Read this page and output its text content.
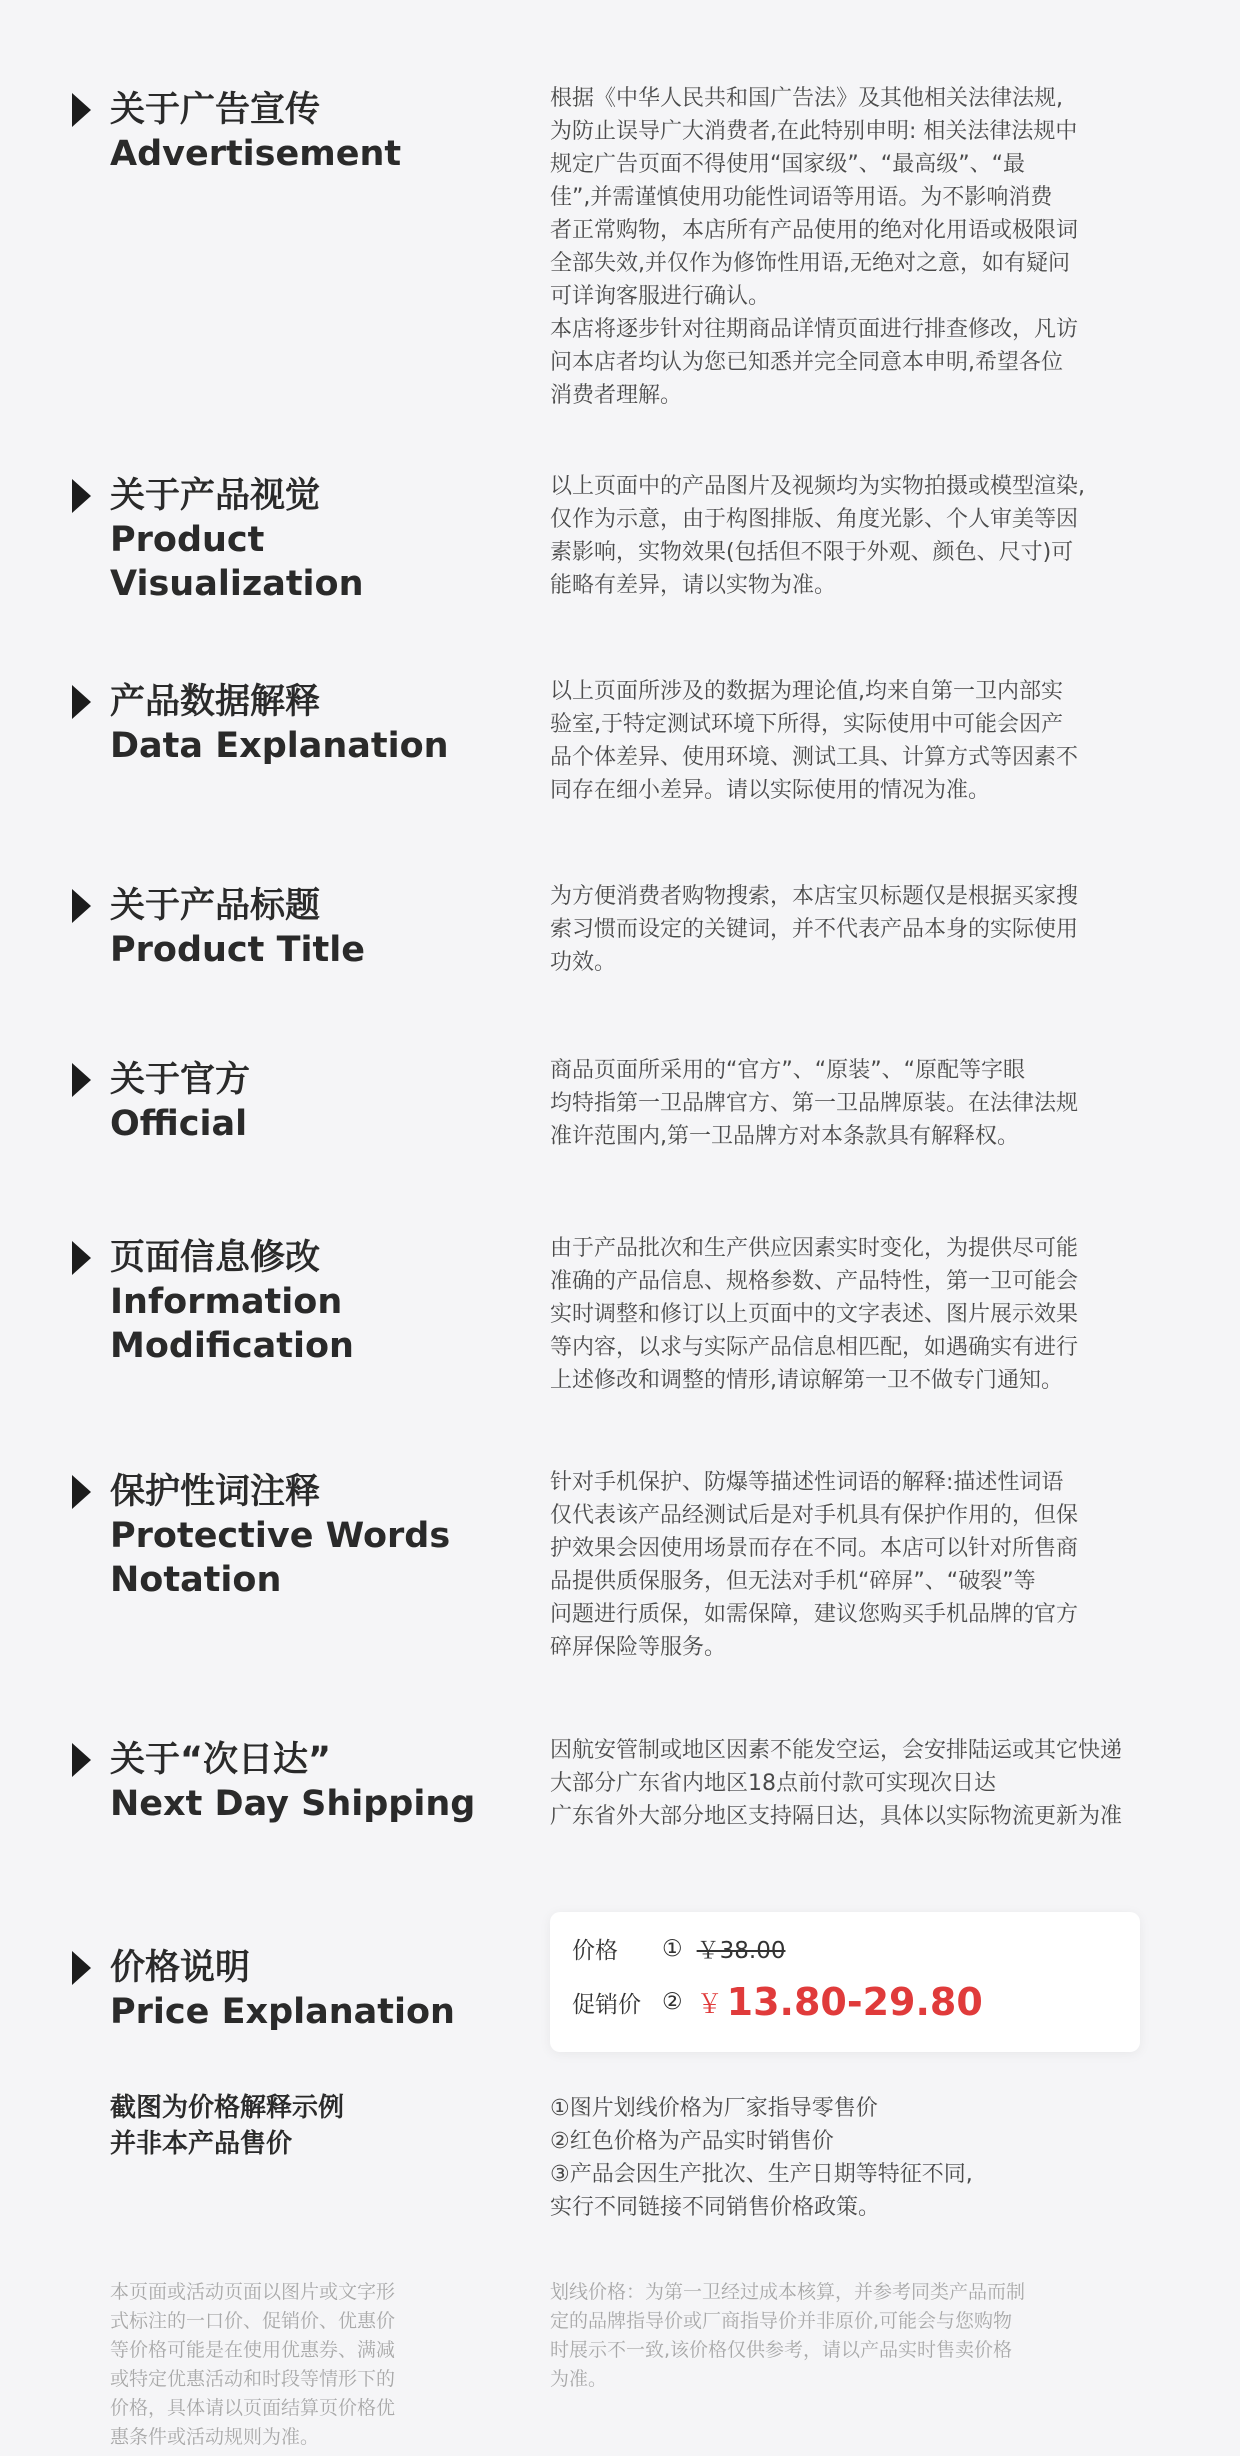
关于广告宣传
Advertisement
根据《中华人民共和国广告法》及其他相关法律法规,
为防止误导广大消费者,在此特别申明: 相关法律法规中
规定广告页面不得使用“国家级”、“最高级”、“最
佳”,并需谨慎使用功能性词语等用语。为不影响消费
者正常购物，本店所有产品使用的绝对化用语或极限词
全部失效,并仅作为修饰性用语,无绝对之意，如有疑问
可详询客服进行确认。
本店将逐步针对往期商品详情页面进行排查修改，凡访
问本店者均认为您已知悉并完全同意本申明,希望各位
消费者理解。
关于产品视觉
Product
Visualization
以上页面中的产品图片及视频均为实物拍摄或模型渲染,
仅作为示意，由于构图排版、角度光影、个人审美等因
素影响，实物效果(包括但不限于外观、颜色、尺寸)可
能略有差异，请以实物为准。
产品数据解释
Data Explanation
以上页面所涉及的数据为理论值,均来自第一卫内部实
验室,于特定测试环境下所得，实际使用中可能会因产
品个体差异、使用环境、测试工具、计算方式等因素不
同存在细小差异。请以实际使用的情况为准。
关于产品标题
Product Title
为方便消费者购物搜索，本店宝贝标题仅是根据买家搜
索习惯而设定的关键词，并不代表产品本身的实际使用
功效。
关于官方
Official
商品页面所采用的“官方”、“原装”、“原配等字眼
均特指第一卫品牌官方、第一卫品牌原装。在法律法规
准许范围内,第一卫品牌方对本条款具有解释权。
页面信息修改
Information
Modification
由于产品批次和生产供应因素实时变化，为提供尽可能
准确的产品信息、规格参数、产品特性，第一卫可能会
实时调整和修订以上页面中的文字表述、图片展示效果
等内容，以求与实际产品信息相匹配，如遇确实有进行
上述修改和调整的情形,请谅解第一卫不做专门通知。
保护性词注释
Protective Words
Notation
针对手机保护、防爆等描述性词语的解释:描述性词语
仅代表该产品经测试后是对手机具有保护作用的，但保
护效果会因使用场景而存在不同。本店可以针对所售商
品提供质保服务，但无法对手机“碎屏”、“破裂”等
问题进行质保，如需保障，建议您购买手机品牌的官方
碎屏保险等服务。
关于“次日达”
Next Day Shipping
因航安管制或地区因素不能发空运，会安排陆运或其它快递
大部分广东省内地区18点前付款可实现次日达
广东省外大部分地区支持隔日达，具体以实际物流更新为准
价格说明
Price Explanation
价格	① ￥38.00
促销价 ② ￥ 13.80-29.80
截图为价格解释示例
并非本产品售价
①图片划线价格为厂家指导零售价
②红色价格为产品实时销售价
③产品会因生产批次、生产日期等特征不同,
实行不同链接不同销售价格政策。
本页面或活动页面以图片或文字形
式标注的一口价、促销价、优惠价
等价格可能是在使用优惠券、满减
或特定优惠活动和时段等情形下的
价格，具体请以页面结算页价格优
惠条件或活动规则为准。
划线价格：为第一卫经过成本核算，并参考同类产品而制
定的品牌指导价或厂商指导价并非原价,可能会与您购物
时展示不一致,该价格仅供参考，请以产品实时售卖价格
为准。
